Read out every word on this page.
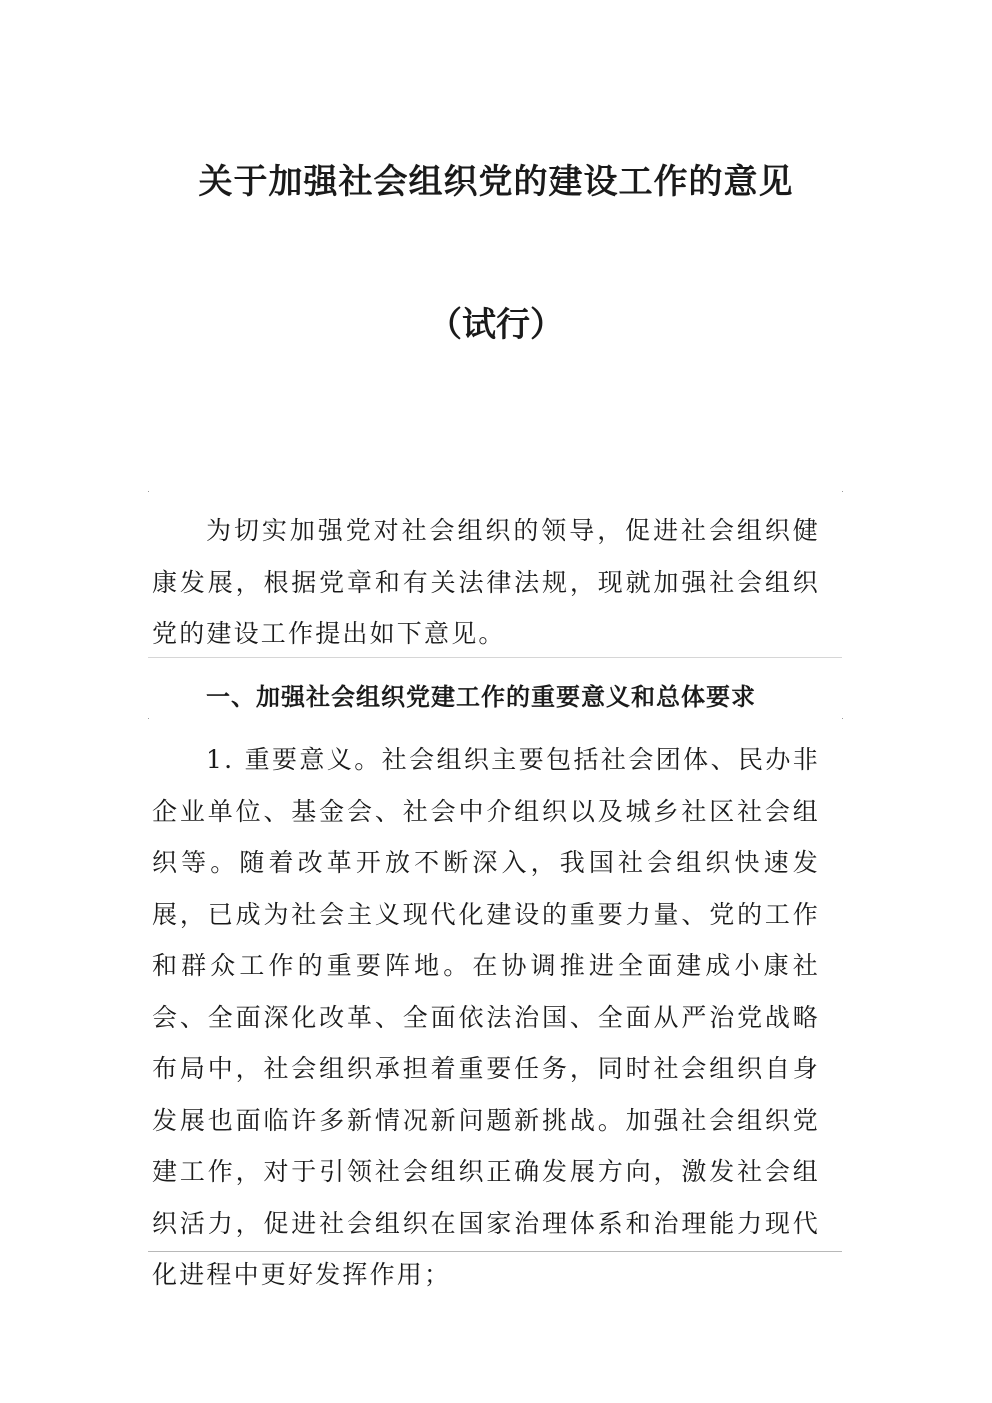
关于加强社会组织党的建设工作的意见
（试行）

为切实加强党对社会组织的领导，促进社会组织健康发展，根据党章和有关法律法规，现就加强社会组织党的建设工作提出如下意见。

一、加强社会组织党建工作的重要意义和总体要求

1. 重要意义。社会组织主要包括社会团体、民办非企业单位、基金会、社会中介组织以及城乡社区社会组织等。随着改革开放不断深入，我国社会组织快速发展，已成为社会主义现代化建设的重要力量、党的工作和群众工作的重要阵地。在协调推进全面建成小康社会、全面深化改革、全面依法治国、全面从严治党战略布局中，社会组织承担着重要任务，同时社会组织自身发展也面临许多新情况新问题新挑战。加强社会组织党建工作，对于引领社会组织正确发展方向，激发社会组织活力，促进社会组织在国家治理体系和治理能力现代化进程中更好发挥作用；
